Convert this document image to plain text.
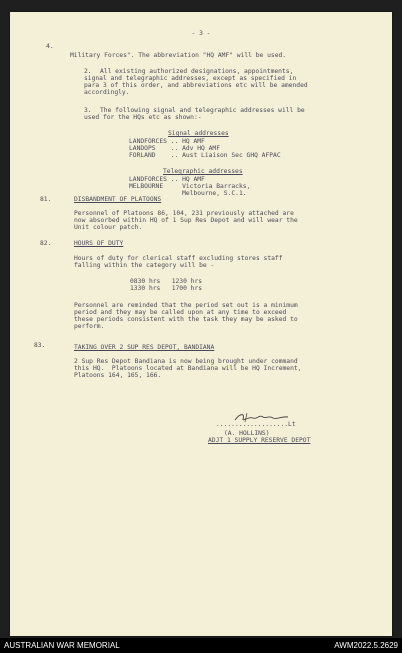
- 3 -
4.
Military Forces". The abbreviation "HQ AMF" will be used.
2. All existing authorized designations, appointments,
signal and telegraphic addresses, except as specified in
para 3 of this order, and abbreviations etc will be amended
accordingly.
3. The following signal and telegraphic addresses will be
used for the HQs etc as shown:-
Signal addresses
LANDFORCES .. HQ AMF
LANDOPS    .. Adv HQ AMF
FORLAND    .. Aust Liaison Sec GHQ AFPAC
Telegraphic addresses
LANDFORCES .. HQ AMF
MELBOURNE     Victoria Barracks,
Melbourne, S.C.1.
81.	DISBANDMENT OF PLATOONS
Personnel of Platoons 86, 104, 231 previously attached are
now absorbed within HQ of 1 Sup Res Depot and will wear the
Unit colour patch.
82.	HOURS OF DUTY
Hours of duty for clerical staff excluding stores staff
falling within the category will be -
0830 hrs   1230 hrs
1330 hrs   1700 hrs
Personnel are reminded that the period set out is a minimum
period and they may be called upon at any time to exceed
these periods consistent with the task they may be asked to
perform.
83.	TAKING OVER 2 SUP RES DEPOT, BANDIANA
2 Sup Res Depot Bandiana is now being brought under command
this HQ.  Platoons located at Bandiana will be HQ Increment,
Platoons 164, 165, 166.
...................Lt
(A. HOLLINS)
ADJT 1 SUPPLY RESERVE DEPOT
AUSTRALIAN WAR MEMORIAL	AWM2022.5.2629
